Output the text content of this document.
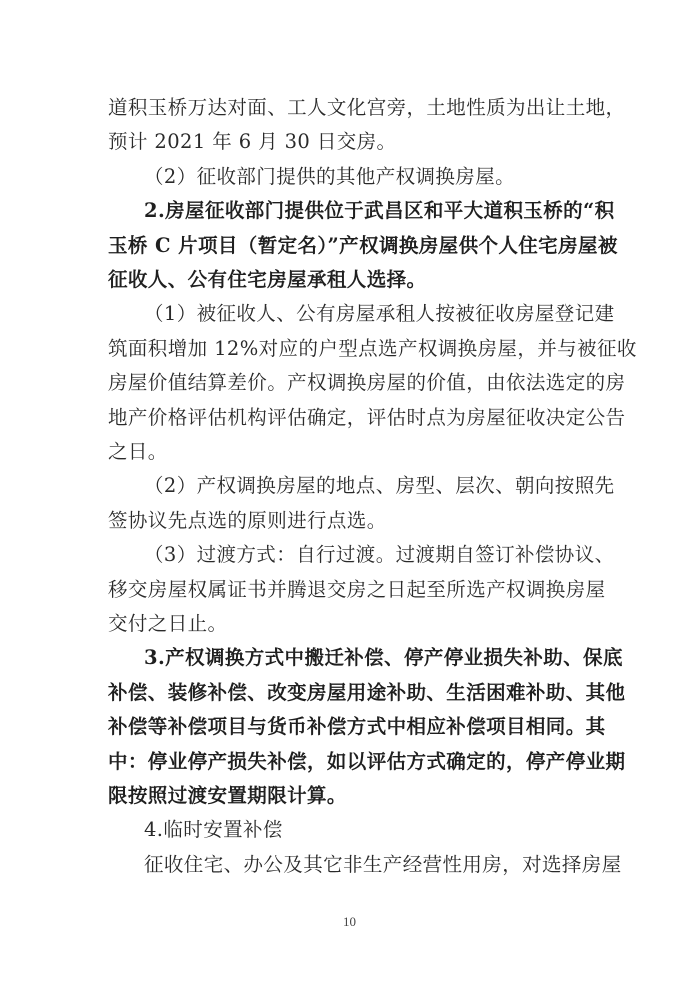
道积玉桥万达对面、工人文化宫旁，土地性质为出让土地，
预计 2021 年 6 月 30 日交房。
（2）征收部门提供的其他产权调换房屋。
2.房屋征收部门提供位于武昌区和平大道积玉桥的“积
玉桥 C 片项目（暂定名）”产权调换房屋供个人住宅房屋被
征收人、公有住宅房屋承租人选择。
（1）被征收人、公有房屋承租人按被征收房屋登记建
筑面积增加 12%对应的户型点选产权调换房屋，并与被征收
房屋价值结算差价。产权调换房屋的价值，由依法选定的房
地产价格评估机构评估确定，评估时点为房屋征收决定公告
之日。
（2）产权调换房屋的地点、房型、层次、朝向按照先
签协议先点选的原则进行点选。
（3）过渡方式：自行过渡。过渡期自签订补偿协议、
移交房屋权属证书并腾退交房之日起至所选产权调换房屋
交付之日止。
3.产权调换方式中搬迁补偿、停产停业损失补助、保底
补偿、装修补偿、改变房屋用途补助、生活困难补助、其他
补偿等补偿项目与货币补偿方式中相应补偿项目相同。其
中：停业停产损失补偿，如以评估方式确定的，停产停业期
限按照过渡安置期限计算。
10
4.临时安置补偿
征收住宅、办公及其它非生产经营性用房，对选择房屋
